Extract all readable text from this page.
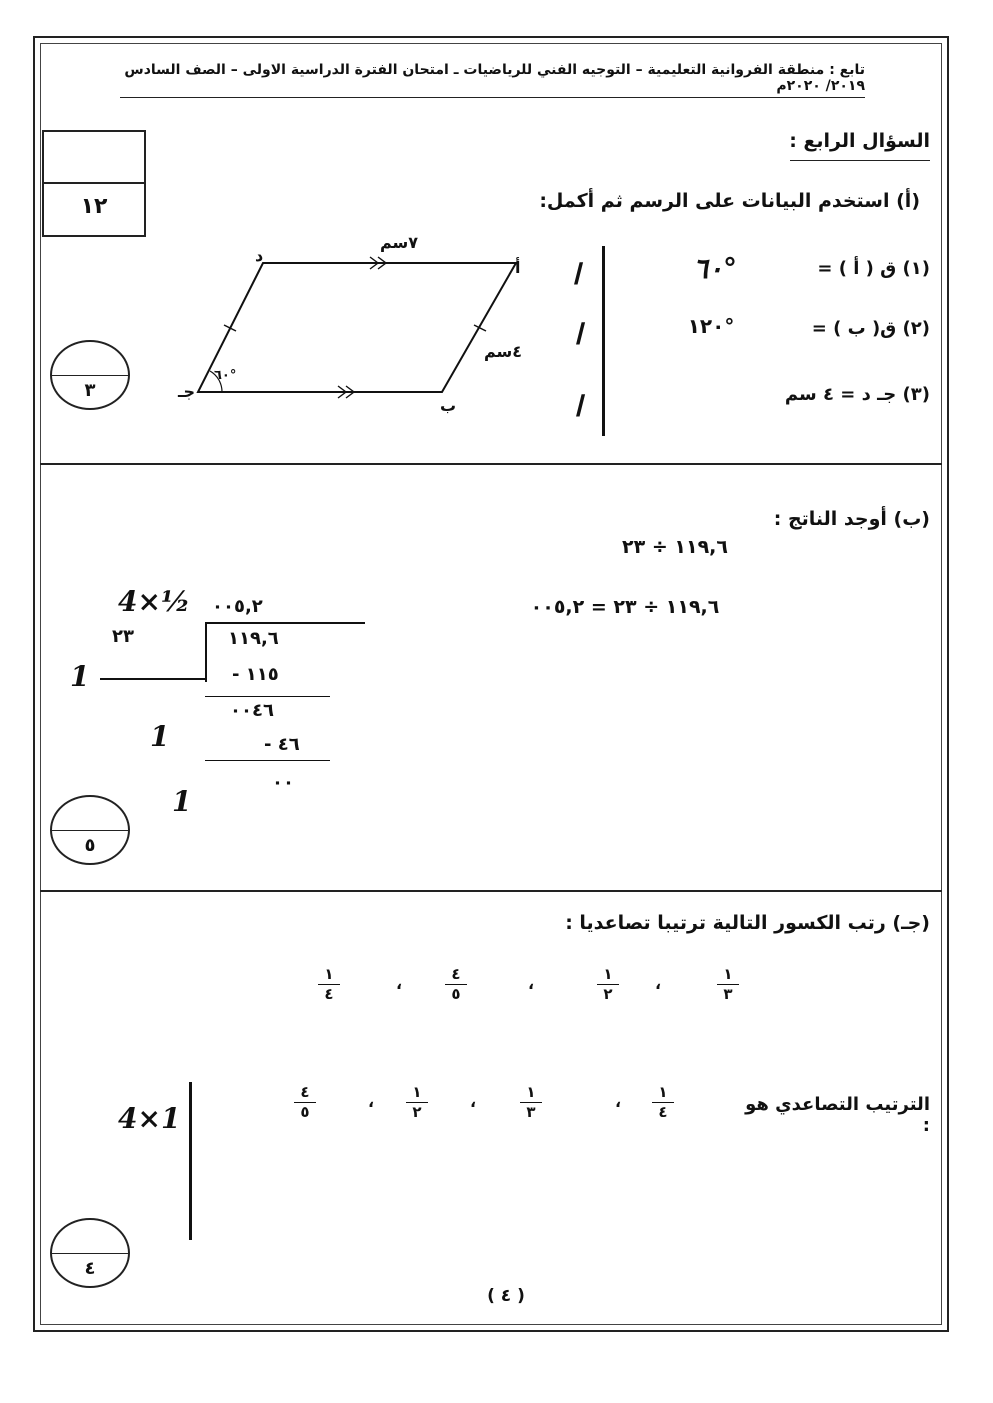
تابع : منطقة الفروانية التعليمية – التوجيه الفني للرياضيات ـ امتحان الفترة الدراسية الاولى – الصف السادس ٢٠١٩/ ٢٠٢٠م
السؤال الرابع :
١٢	(أ) استخدم البيانات على الرسم ثم أكمل:
(١) ق ( أ ) =
٦٠°
(٢) ق( ب ) =
١٢٠°
(٣) جـ د = ٤ سم
ا
ا
ا
أ
ب
جـ
د
٧سم
٤سم
٦٠°
٣
(ب) أوجد الناتج :
١١٩,٦ ÷ ٢٣
١١٩,٦ ÷ ٢٣ = ٠٠٥,٢
٠٠٥,٢
٢٣	١١٩,٦
١١٥ -
٠٠٤٦
٤٦ -
٠٠
4×½
1
1
1
٥
(جـ) رتب الكسور التالية ترتيبا تصاعديا :
١
٣
،
١
٢
،
٤
٥
،
١
٤
الترتيب التصاعدي هو :
١
٤
،
١
٣
،
١
٢
،
٤
٥
4×1
٤
( ٤ )
